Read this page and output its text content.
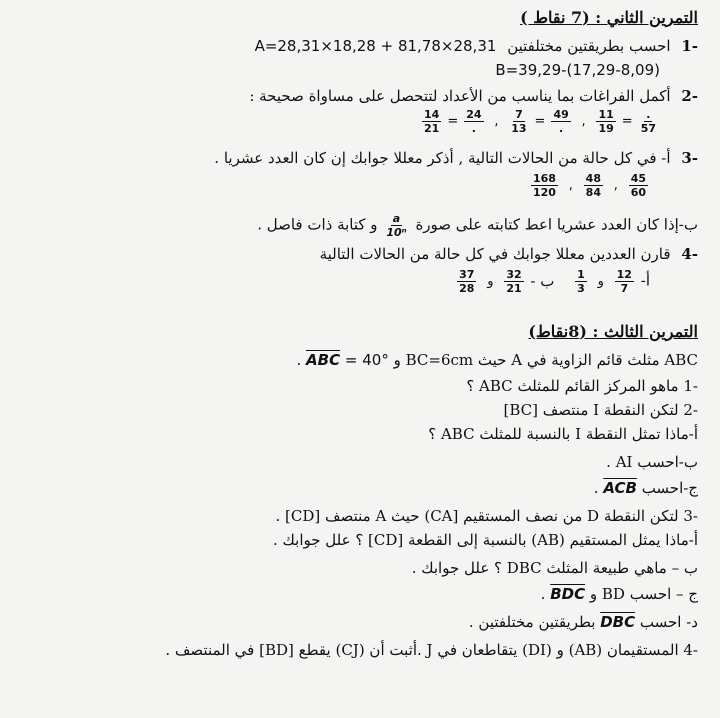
التمرين الثاني : (7 نقاط )
-1 احسب بطريقتين مختلفتين A=28,31×18,28 + 81,78×28,31
B=39,29-(17,29-8,09)
-2 أكمل الفراغات بما يناسب من الأعداد لتتحصل على مساواة صحيحة :
$\frac{14}{21} = \frac{24}{.}$ , $\frac{7}{13} = \frac{49}{.}$ , $\frac{11}{19} = \frac{.}{57}$
-3 أ- في كل حالة من الحالات التالية , أذكر معللا جوابك إن كان العدد عشريا .
$\frac{168}{120}$ , $\frac{48}{84}$ , $\frac{45}{60}$
ب-إذا كان العدد عشريا اعط كتابته على صورة
$\frac{a}{\text{10ⁿ}}$
و كتابة ذات فاصل .
-4 قارن العددين معللا جوابك في كل حالة من الحالات التالية
أ-
$\frac{12}{7}$
و
$\frac{1}{3}$
ب -
$\frac{32}{21}$
و
$\frac{37}{28}$
التمرين الثالث : (8نقاط)
ABC مثلث قائم الزاوية في A حيث BC=6cm و $\overline{ABC} = 40^\circ$ .
-1 ماهو المركز القائم للمثلث ABC ؟
-2 لتكن النقطة I منتصف [BC]
أ-ماذا تمثل النقطة I بالنسبة للمثلث ABC ؟
ب-احسب AI .
ج-احسب $\overline{ACB}$ .
-3 لتكن النقطة D من نصف المستقيم [CA) حيث A منتصف [CD] .
أ-ماذا يمثل المستقيم (AB) بالنسبة إلى القطعة [CD] ؟ علل جوابك .
ب – ماهي طبيعة المثلث DBC ؟ علل جوابك .
ج – احسب BD و $\overline{BDC}$ .
د- احسب $\overline{DBC}$ بطريقتين مختلفتين .
-4 المستقيمان (AB) و (DI) يتقاطعان في J .أثبت أن (CJ) يقطع [BD] في المنتصف .
